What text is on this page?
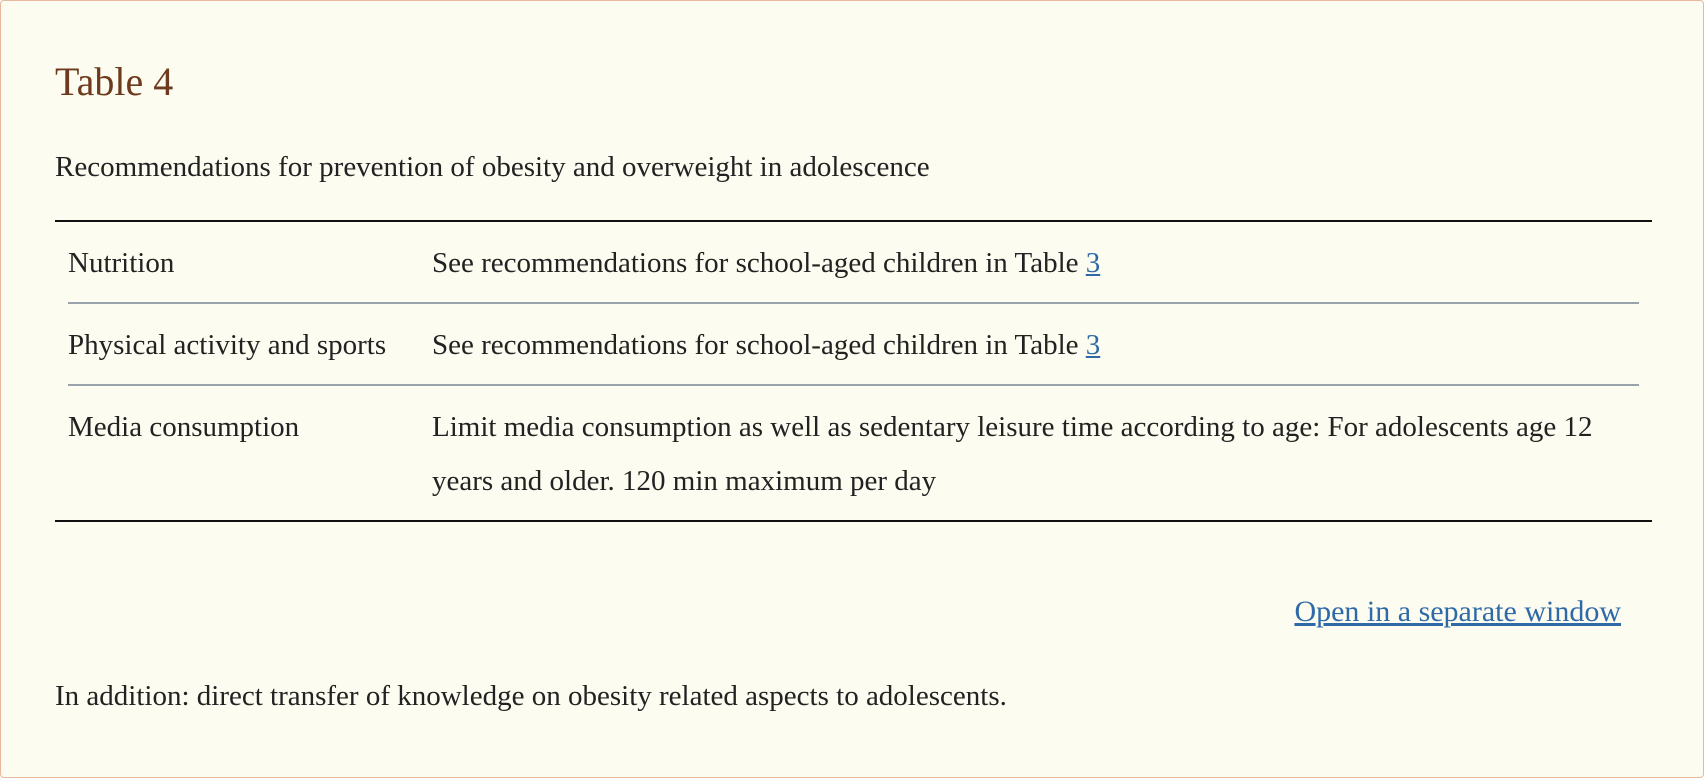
Table 4

Recommendations for prevention of obesity and overweight in adolescence

Nutrition	See recommendations for school-aged children in Table 3

Physical activity and sports	See recommendations for school-aged children in Table 3

Media consumption	Limit media consumption as well as sedentary leisure time according to age: For adolescents age 12 years and older. 120 min maximum per day
Open in a separate window

In addition: direct transfer of knowledge on obesity related aspects to adolescents.
